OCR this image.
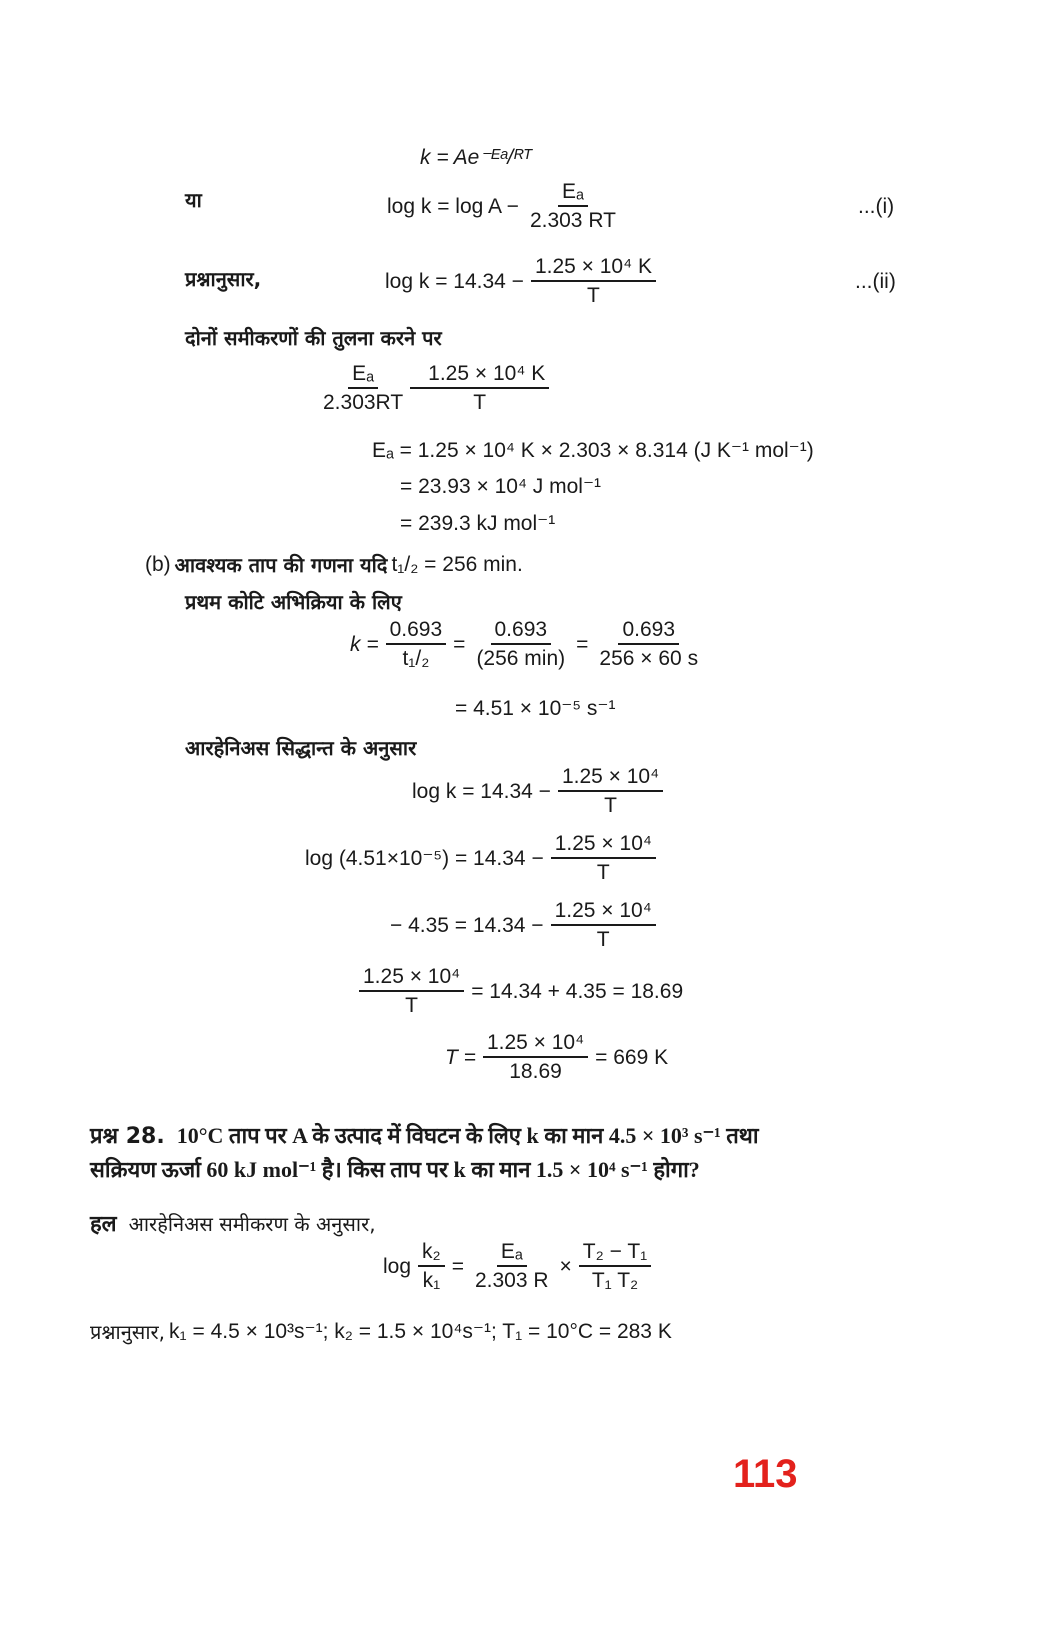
k = Ae⁻ᴱᵃ/ᴿᵀ
या	$\log k = \log A - \frac{\text{Eₐ}}{2.303 RT}$	...(i)
प्रश्नानुसार,	$\log k = 14.34 - \frac{\text{1.25 × 10⁴ K}}{T}$	...(ii)
दोनों समीकरणों की तुलना करने पर
$\frac{\text{Eₐ}}{2.303RT} \frac{\text{1.25 × 10⁴ K}}{T}$
Eₐ = 1.25 × 10⁴ K × 2.303 × 8.314 (J K⁻¹ mol⁻¹)
= 23.93 × 10⁴ J mol⁻¹
= 239.3 kJ mol⁻¹
(b) आवश्यक ताप की गणना यदि t₁/₂ = 256 min.
प्रथम कोटि अभिक्रिया के लिए
$k = \frac{0.693}{\text{t₁/₂}} = \frac{0.693}{(256 \min)} = \frac{0.693}{256 \times 60 s}$
= 4.51 × 10⁻⁵ s⁻¹
आरहेनिअस सिद्धान्त के अनुसार
$\log k = 14.34 - \frac{\text{1.25 × 10⁴}}{T}$
$\log (4.51\times 10^{-5}) = 14.34 - \frac{\text{1.25 × 10⁴}}{T}$
− $4.35 = 14.34 - \frac{\text{1.25 × 10⁴}}{T}$
$\frac{\text{1.25 × 10⁴}}{T} = 14.34 + 4.35 = 18.69$
$T = \frac{\text{1.25 × 10⁴}}{18.69} = 669$ K
प्रश्न 28. 10°C ताप पर A के उत्पाद में विघटन के लिए k का मान 4.5 × 10³ s⁻¹ तथा
सक्रियण ऊर्जा 60 kJ mol⁻¹ है। किस ताप पर k का मान 1.5 × 10⁴ s⁻¹ होगा?
हल आरहेनिअस समीकरण के अनुसार,
$\log \frac{\text{k₂}}{\text{k₁}} = \frac{\text{Eₐ}}{2.303 R} \times \frac{\text{T₂ − T₁}}{\text{T₁ T₂}}$
प्रश्नानुसार, k₁ = 4.5 × 10³s⁻¹; k₂ = 1.5 × 10⁴s⁻¹; T₁ = 10°C = 283 K
113
